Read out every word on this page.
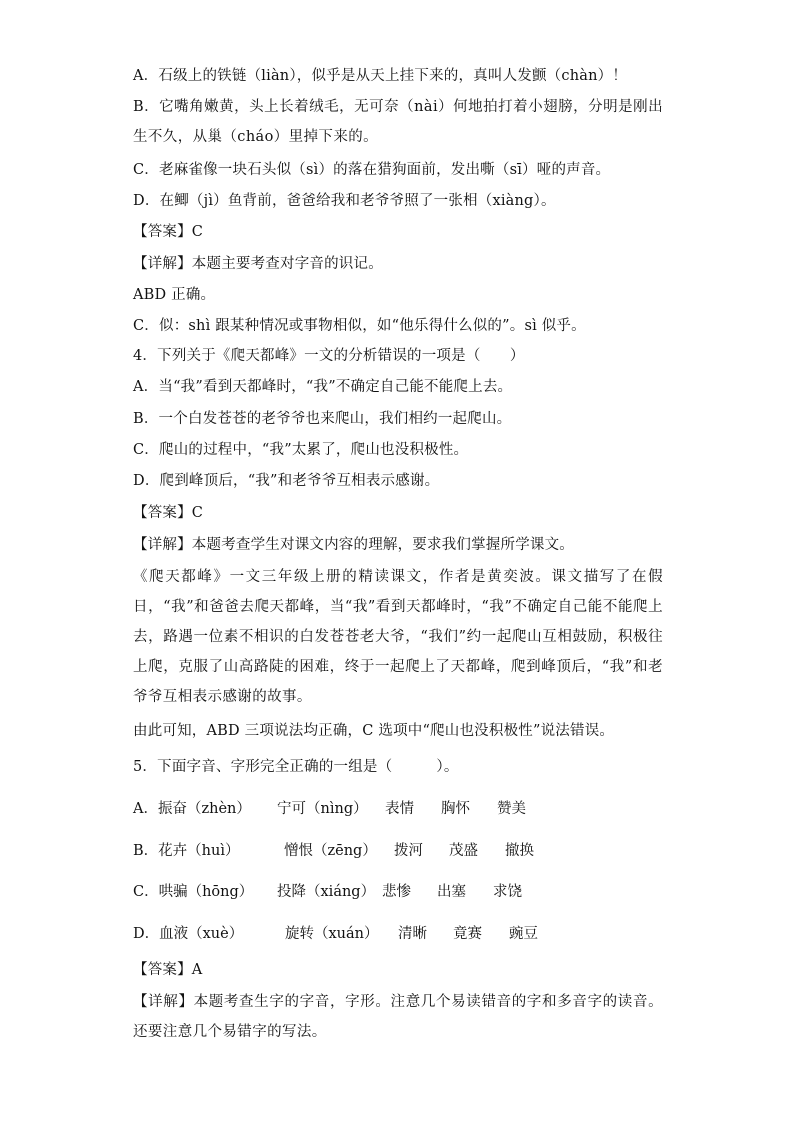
A．石级上的铁链（liàn），似乎是从天上挂下来的，真叫人发颤（chàn）！
B．它嘴角嫩黄，头上长着绒毛，无可奈（nài）何地拍打着小翅膀，分明是刚出生不久，从巢（cháo）里掉下来的。
C．老麻雀像一块石头似（sì）的落在猎狗面前，发出嘶（sī）哑的声音。
D．在鲫（jì）鱼背前，爸爸给我和老爷爷照了一张相（xiàng）。
【答案】C
【详解】本题主要考查对字音的识记。
ABD 正确。
C．似：shì 跟某种情况或事物相似，如“他乐得什么似的”。sì 似乎。
4．下列关于《爬天都峰》一文的分析错误的一项是（　　）
A．当“我”看到天都峰时，“我”不确定自己能不能爬上去。
B．一个白发苍苍的老爷爷也来爬山，我们相约一起爬山。
C．爬山的过程中，“我”太累了，爬山也没积极性。
D．爬到峰顶后，“我”和老爷爷互相表示感谢。
【答案】C
【详解】本题考查学生对课文内容的理解，要求我们掌握所学课文。
《爬天都峰》一文三年级上册的精读课文，作者是黄奕波。课文描写了在假日，“我”和爸爸去爬天都峰，当“我”看到天都峰时，“我”不确定自己能不能爬上去，路遇一位素不相识的白发苍苍老大爷，“我们”约一起爬山互相鼓励，积极往上爬，克服了山高路陡的困难，终于一起爬上了天都峰，爬到峰顶后，“我”和老爷爷互相表示感谢的故事。
由此可知，ABD 三项说法均正确，C 选项中“爬山也没积极性”说法错误。
5．下面字音、字形完全正确的一组是（　　　）。
A．振奋（zhèn） 宁可（nìng） 表情 胸怀 赞美
B．花卉（huì）	憎恨（zēng） 拨河 茂盛 撤换
C．哄骗（hōng） 投降（xiáng） 悲惨 出塞 求饶
D．血液（xuè）	旋转（xuán） 清晰 竟赛 豌豆
【答案】A
【详解】本题考查生字的字音，字形。注意几个易读错音的字和多音字的读音。还要注意几个易错字的写法。
